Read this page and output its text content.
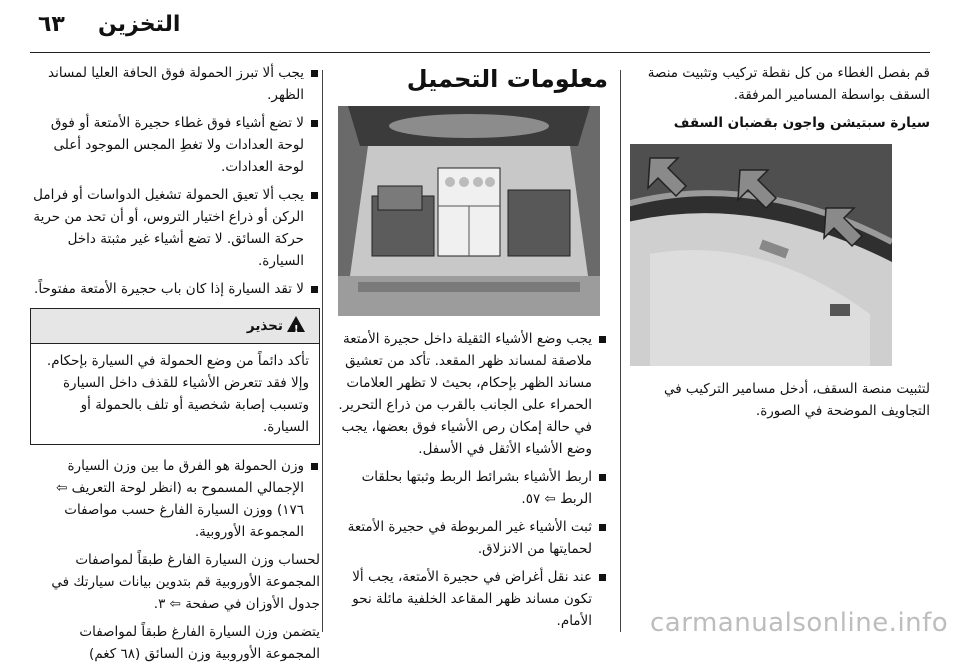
٦٣ التخزين

قم بفصل الغطاء من كل نقطة تركيب وتثبيت منصة السقف بواسطة المسامير المرفقة.

سيارة سبتيشن واجون بقضبان السقف

لتثبيت منصة السقف، أدخل مسامير التركيب في التجاويف الموضحة في الصورة.

معلومات التحميل
يجب وضع الأشياء الثقيلة داخل حجيرة الأمتعة ملاصقة لمساند ظهر المقعد. تأكد من تعشيق مساند الظهر بإحكام، بحيث لا تظهر العلامات الحمراء على الجانب بالقرب من ذراع التحرير. في حالة إمكان رص الأشياء فوق بعضها، يجب وضع الأشياء الأثقل في الأسفل.
اربط الأشياء بشرائط الربط وثبتها بحلقات الربط ⇦ ٥٧.
ثبت الأشياء غير المربوطة في حجيرة الأمتعة لحمايتها من الانزلاق.
عند نقل أغراض في حجيرة الأمتعة، يجب ألا تكون مساند ظهر المقاعد الخلفية مائلة نحو الأمام.
يجب ألا تبرز الحمولة فوق الحافة العليا لمساند الظهر.
لا تضع أشياء فوق غطاء حجيرة الأمتعة أو فوق لوحة العدادات ولا تغطِ المجس الموجود أعلى لوحة العدادات.
يجب ألا تعيق الحمولة تشغيل الدواسات أو فرامل الركن أو ذراع اختيار التروس، أو أن تحد من حرية حركة السائق. لا تضع أشياء غير مثبتة داخل السيارة.
لا تقد السيارة إذا كان باب حجيرة الأمتعة مفتوحاً.
!تحذير
تأكد دائماً من وضع الحمولة في السيارة بإحكام. وإلا فقد تتعرض الأشياء للقذف داخل السيارة وتسبب إصابة شخصية أو تلف بالحمولة أو السيارة.
وزن الحمولة هو الفرق ما بين وزن السيارة الإجمالي المسموح به (انظر لوحة التعريف ⇦ ١٧٦) ووزن السيارة الفارغ حسب مواصفات المجموعة الأوروبية.

لحساب وزن السيارة الفارغ طبقاً لمواصفات المجموعة الأوروبية قم بتدوين بيانات سيارتك في جدول الأوزان في صفحة ⇦ ٣.

يتضمن وزن السيارة الفارغ طبقاً لمواصفات المجموعة الأوروبية وزن السائق (٦٨ كغم)

carmanualsonline.info
